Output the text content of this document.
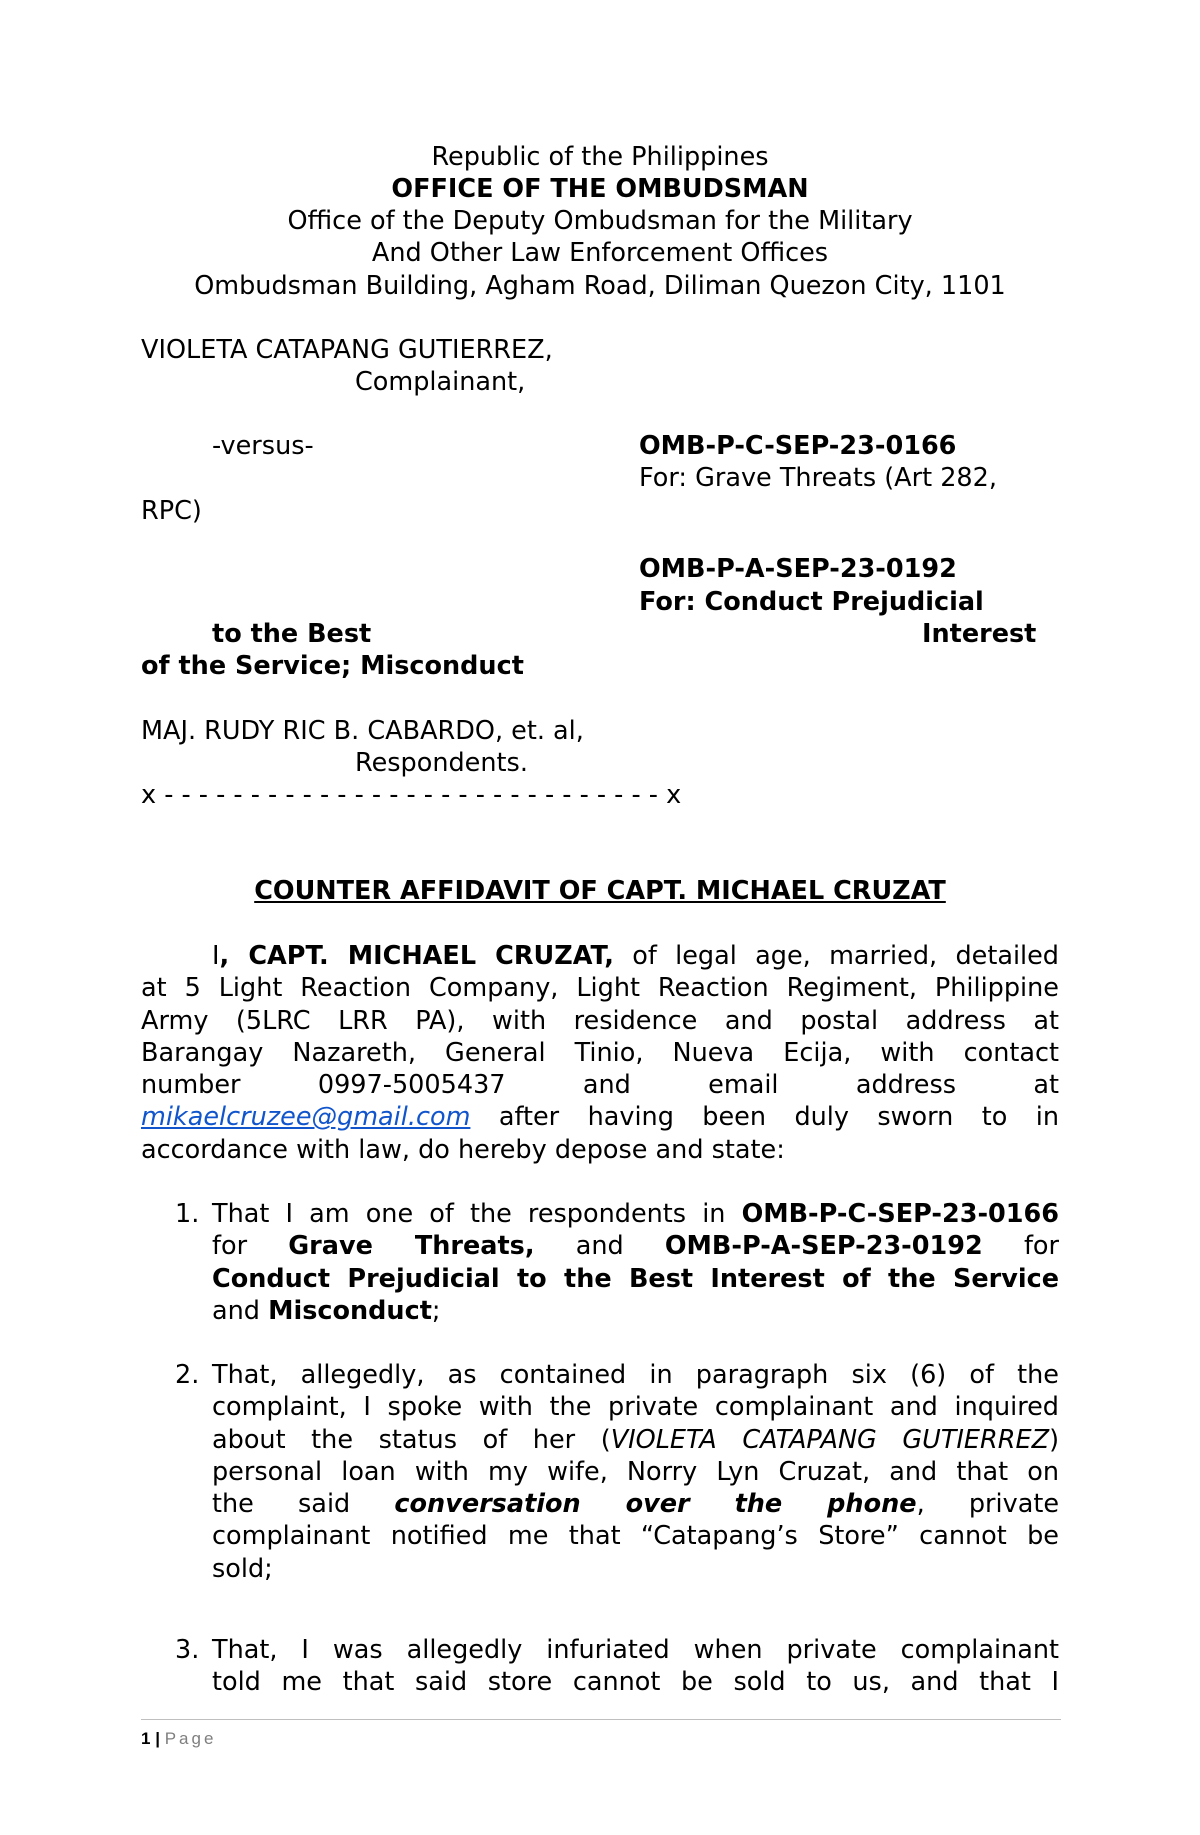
Republic of the Philippines
OFFICE OF THE OMBUDSMAN
Office of the Deputy Ombudsman for the Military
And Other Law Enforcement Offices
Ombudsman Building, Agham Road, Diliman Quezon City, 1101
VIOLETA CATAPANG GUTIERREZ,
Complainant,
-versus-	OMB-P-C-SEP-23-0166
For: Grave Threats (Art 282,
RPC)
OMB-P-A-SEP-23-0192
For: Conduct Prejudicial
to the Best	Interest
of the Service; Misconduct
MAJ. RUDY RIC B. CABARDO, et. al,
Respondents.
x - - - - - - - - - - - - - - - - - - - - - - - - - - - - - x
COUNTER AFFIDAVIT OF CAPT. MICHAEL CRUZAT
I, CAPT. MICHAEL CRUZAT, of legal age, married, detailed
at 5 Light Reaction Company, Light Reaction Regiment, Philippine
Army (5LRC LRR PA), with residence and postal address at
Barangay Nazareth, General Tinio, Nueva Ecija, with contact
number 0997-5005437 and email address at
mikaelcruzee@gmail.com after having been duly sworn to in
accordance with law, do hereby depose and state:
1. That I am one of the respondents in OMB-P-C-SEP-23-0166
for Grave Threats, and OMB-P-A-SEP-23-0192 for
Conduct Prejudicial to the Best Interest of the Service
and Misconduct;
2. That, allegedly, as contained in paragraph six (6) of the
complaint, I spoke with the private complainant and inquired
about the status of her (VIOLETA CATAPANG GUTIERREZ)
personal loan with my wife, Norry Lyn Cruzat, and that on
the said conversation over the phone, private
complainant notified me that “Catapang’s Store” cannot be
sold;
3. That, I was allegedly infuriated when private complainant
told me that said store cannot be sold to us, and that I
1 | Page
